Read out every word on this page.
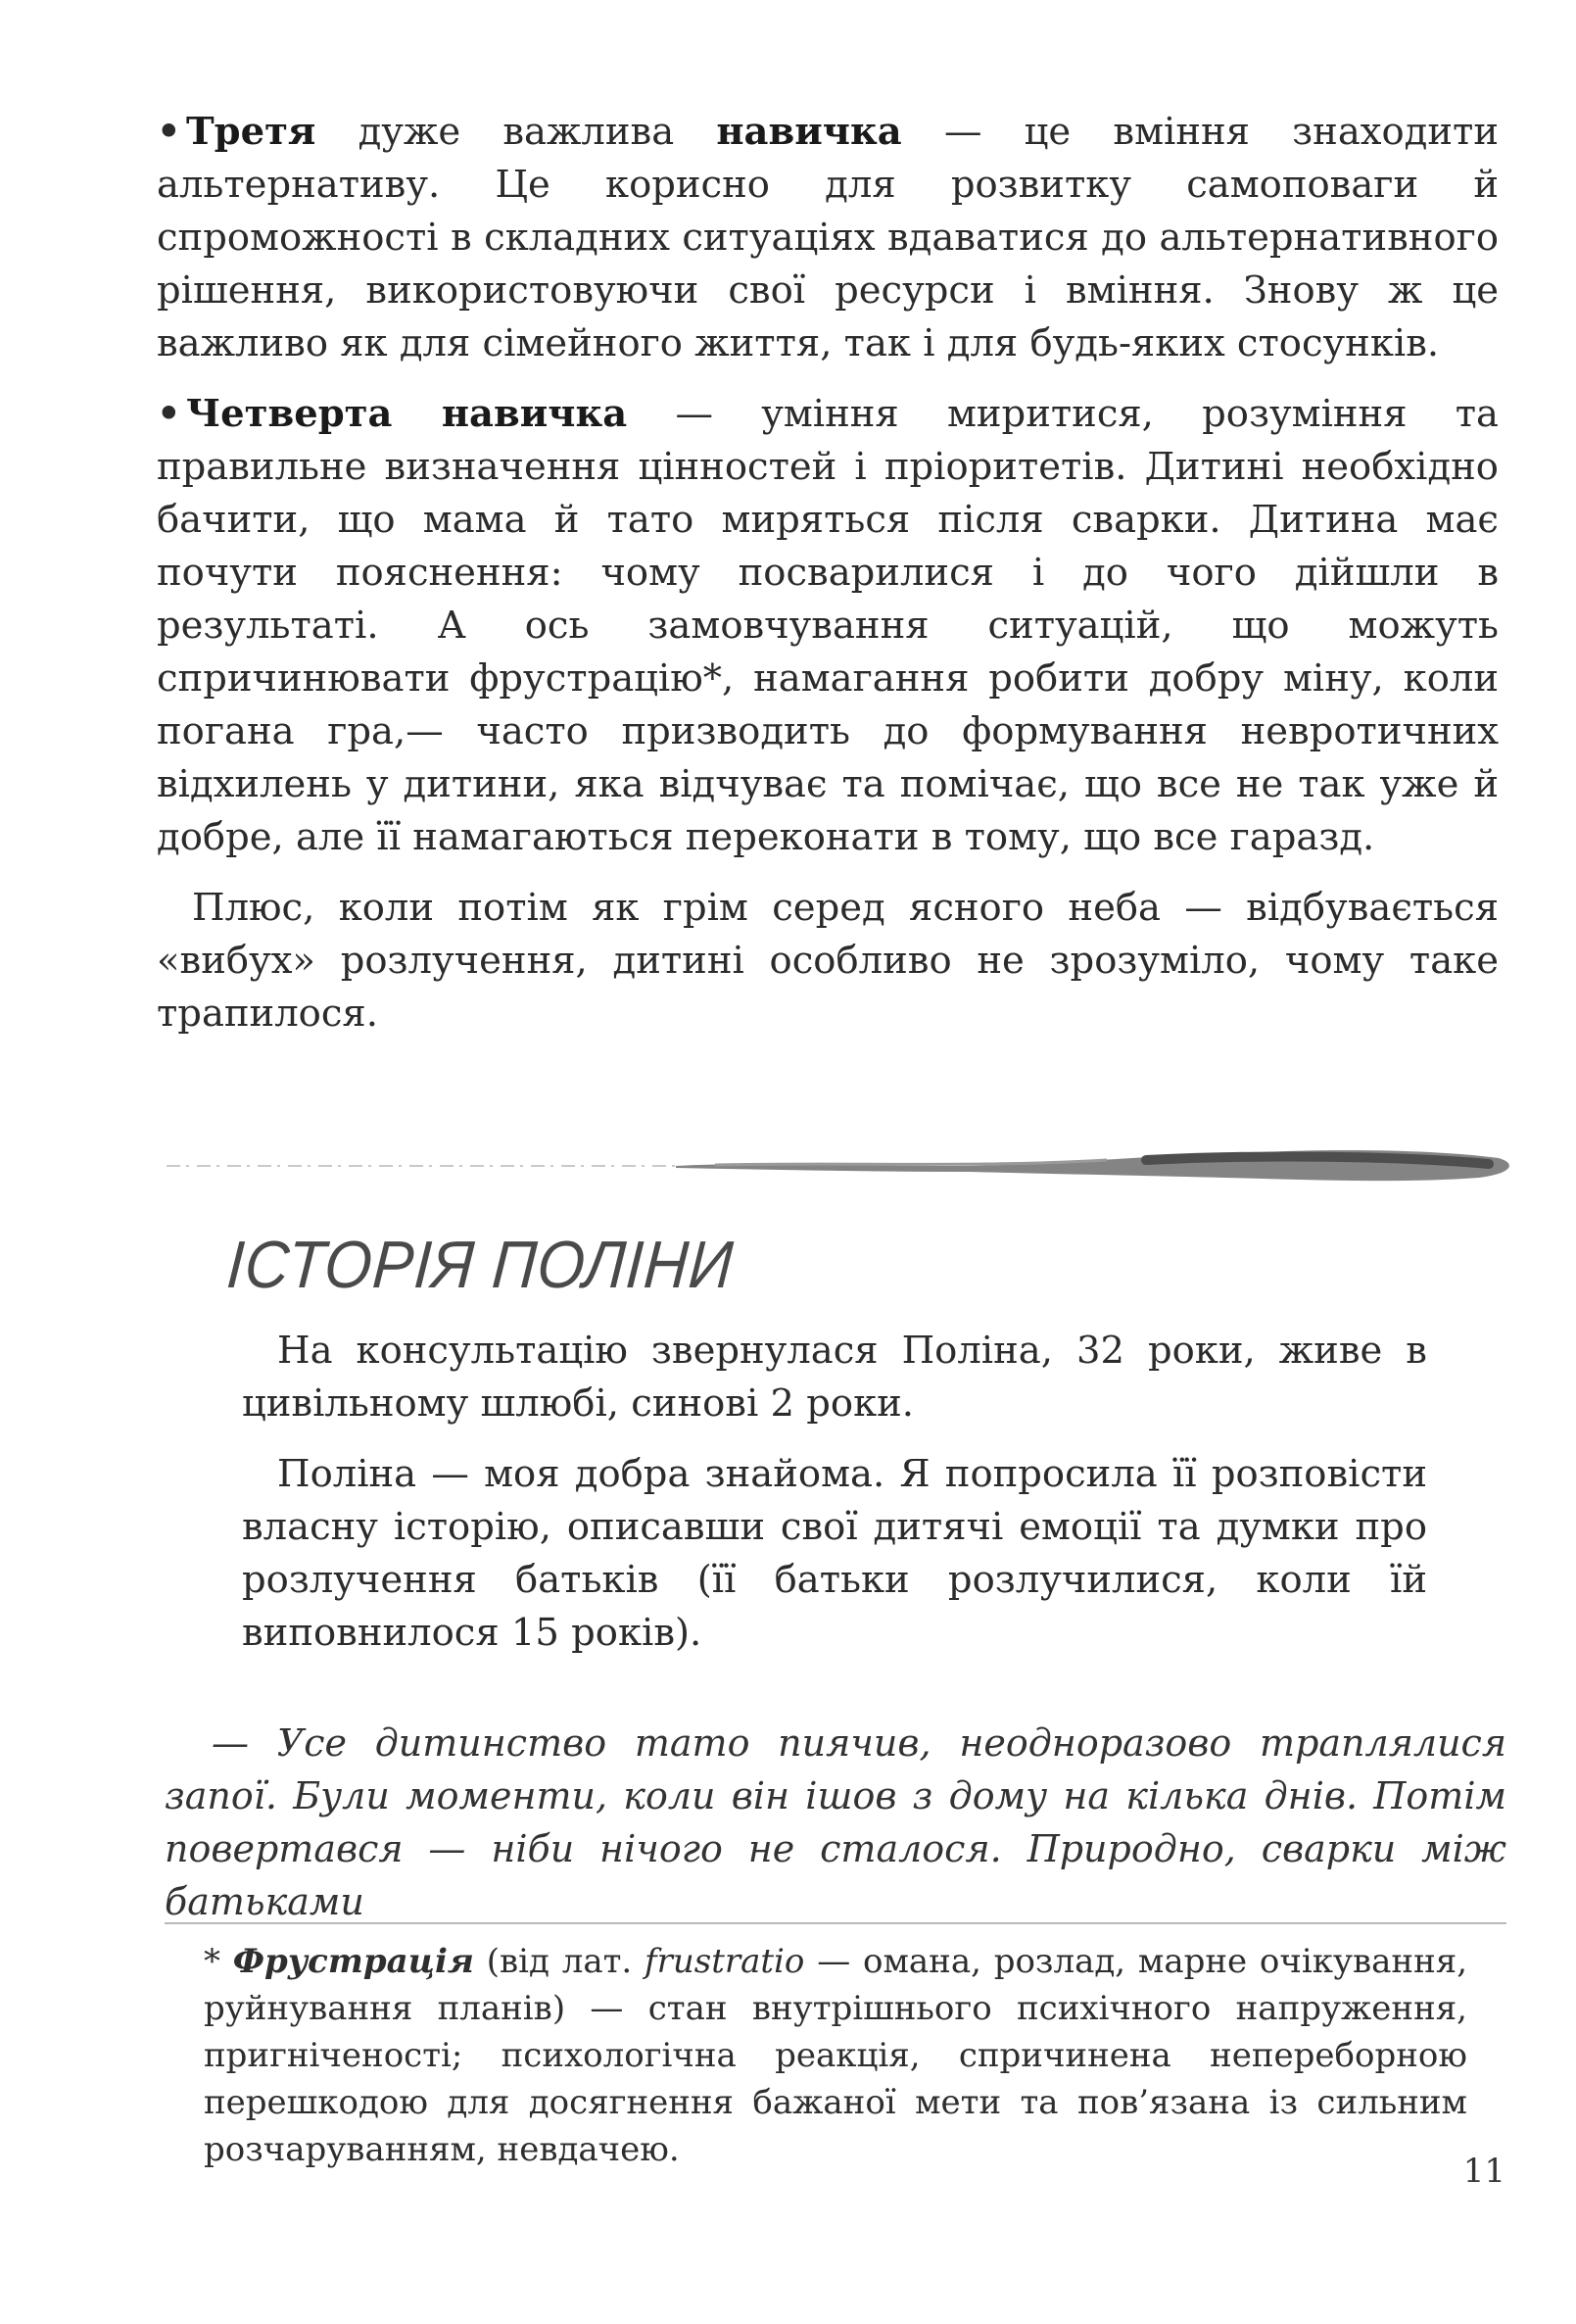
• Третя дуже важлива навичка — це вміння знаходити альтернативу. Це корисно для розвитку самоповаги й спроможності в складних ситуаціях вдаватися до альтернативного рішення, використовуючи свої ресурси і вміння. Знову ж це важливо як для сімейного життя, так і для будь-яких стосунків.

• Четверта навичка — уміння миритися, розуміння та правильне визначення цінностей і пріоритетів. Дитині необхідно бачити, що мама й тато миряться після сварки. Дитина має почути пояснення: чому посварилися і до чого дійшли в результаті. А ось замовчування ситуацій, що можуть спричинювати фрустрацію*, намагання робити добру міну, коли погана гра,— часто призводить до формування невротичних відхилень у дитини, яка відчуває та помічає, що все не так уже й добре, але її намагаються переконати в тому, що все гаразд.

Плюс, коли потім як грім серед ясного неба — відбувається «вибух» розлучення, дитині особливо не зрозуміло, чому таке трапилося.

ІСТОРІЯ ПОЛІНИ

На консультацію звернулася Поліна, 32 роки, живе в цивільному шлюбі, синові 2 роки.

Поліна — моя добра знайома. Я попросила її розповісти власну історію, описавши свої дитячі емоції та думки про розлучення батьків (її батьки розлучилися, коли їй виповнилося 15 років).

— Усе дитинство тато пиячив, неодноразово траплялися запої. Були моменти, коли він ішов з дому на кілька днів. Потім повертався — ніби нічого не сталося. Природно, сварки між батьками

* Фрустрація (від лат. frustratio — омана, розлад, марне очікування, руйнування планів) — стан внутрішнього психічного напруження, пригніченості; психологічна реакція, спричинена непереборною перешкодою для досягнення бажаної мети та пов’язана із сильним розчаруванням, невдачею.

11
